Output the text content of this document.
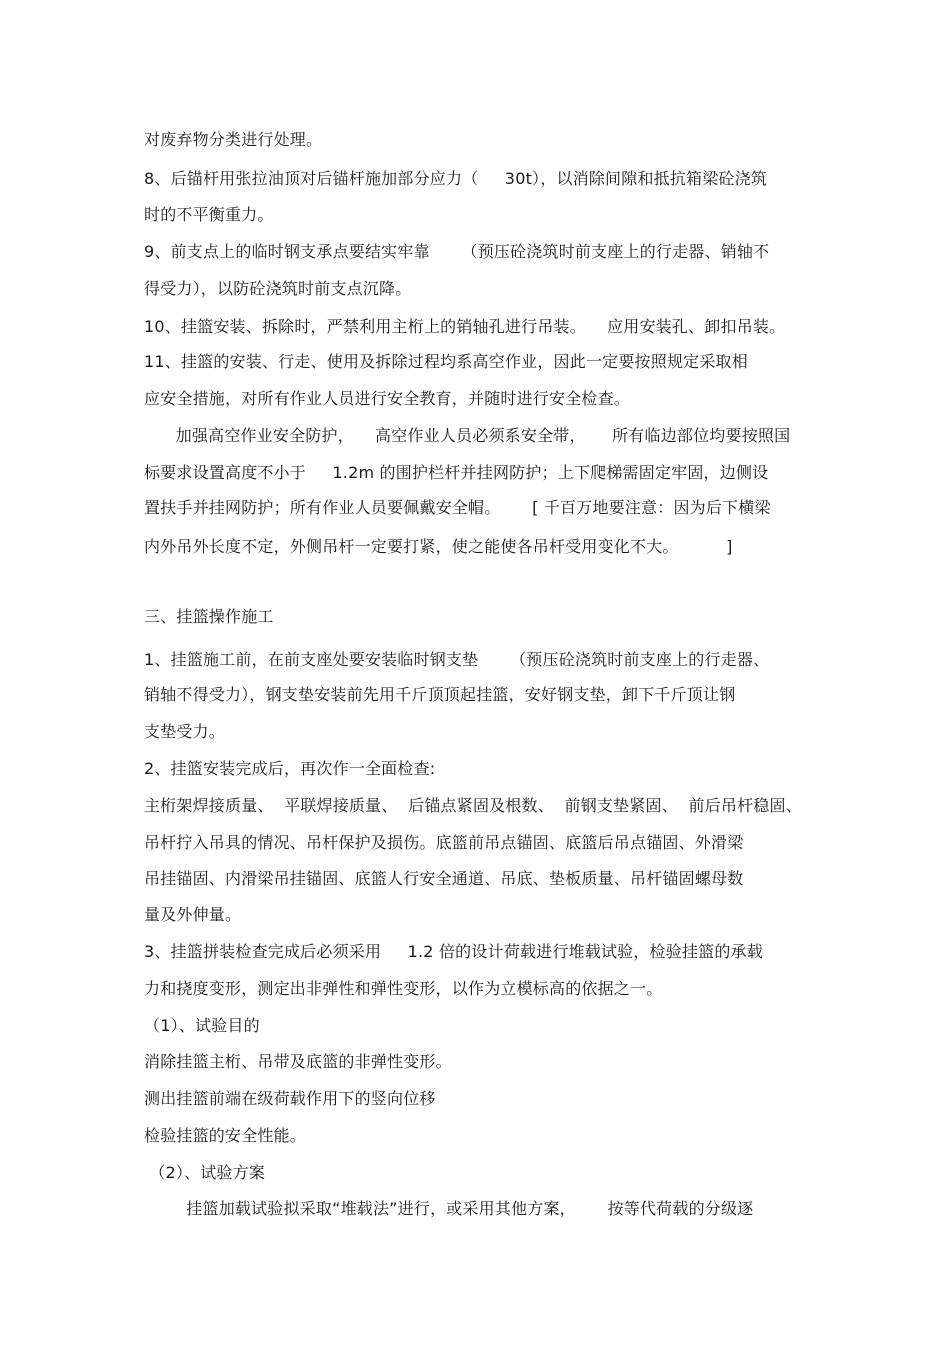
对废弃物分类进行处理。
8、后锚杆用张拉油顶对后锚杆施加部分应力（     30t），以消除间隙和抵抗箱梁砼浇筑
时的不平衡重力。
9、前支点上的临时钢支承点要结实牢靠      （预压砼浇筑时前支座上的行走器、销轴不
得受力），以防砼浇筑时前支点沉降。
10、挂篮安装、拆除时，严禁利用主桁上的销轴孔进行吊装。    应用安装孔、卸扣吊装。
11、挂篮的安装、行走、使用及拆除过程均系高空作业，因此一定要按照规定采取相
应安全措施，对所有作业人员进行安全教育，并随时进行安全检查。
加强高空作业安全防护，    高空作业人员必须系安全带，     所有临边部位均要按照国
标要求设置高度不小于     1.2m 的围护栏杆并挂网防护；上下爬梯需固定牢固，边侧设
置扶手并挂网防护；所有作业人员要佩戴安全帽。      [ 千百万地要注意：因为后下横梁
内外吊外长度不定，外侧吊杆一定要打紧，使之能使各吊杆受用变化不大。         ]
三、挂篮操作施工
1、挂篮施工前，在前支座处要安装临时钢支垫      （预压砼浇筑时前支座上的行走器、
销轴不得受力），钢支垫安装前先用千斤顶顶起挂篮，安好钢支垫，卸下千斤顶让钢
支垫受力。
2、挂篮安装完成后，再次作一全面检查:
主桁架焊接质量、  平联焊接质量、  后锚点紧固及根数、  前钢支垫紧固、  前后吊杆稳固、
吊杆拧入吊具的情况、吊杆保护及损伤。底篮前吊点锚固、底篮后吊点锚固、外滑梁
吊挂锚固、内滑梁吊挂锚固、底篮人行安全通道、吊底、垫板质量、吊杆锚固螺母数
量及外伸量。
3、挂篮拼装检查完成后必须采用     1.2 倍的设计荷载进行堆载试验，检验挂篮的承载
力和挠度变形，测定出非弹性和弹性变形，以作为立模标高的依据之一。
（1）、试验目的
消除挂篮主桁、吊带及底篮的非弹性变形。
测出挂篮前端在级荷载作用下的竖向位移
检验挂篮的安全性能。
（2）、试验方案
挂篮加载试验拟采取“堆载法”进行，或采用其他方案，      按等代荷载的分级逐
